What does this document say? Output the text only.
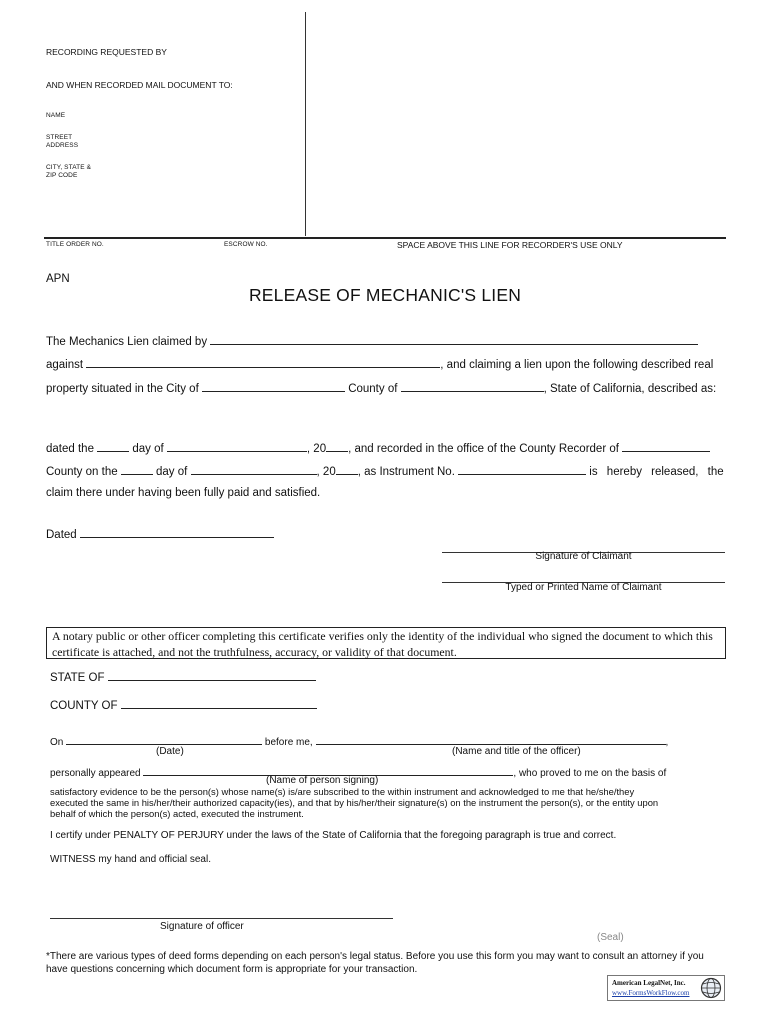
RECORDING REQUESTED BY
AND WHEN RECORDED MAIL DOCUMENT TO:
NAME
STREET
ADDRESS
CITY, STATE &
ZIP CODE
TITLE ORDER NO.	ESCROW NO.	SPACE ABOVE THIS LINE FOR RECORDER'S USE ONLY
APN
RELEASE OF MECHANIC'S LIEN
The Mechanics Lien claimed by
against	, and claiming a lien upon the following described real
property situated in the City of	County of	, State of California, described as:
dated the	day of	, 20 , and recorded in the office of the County Recorder of
County on the	day of	, 20 , as Instrument No.	is hereby released, the
claim there under having been fully paid and satisfied.
Dated
Signature of Claimant
Typed or Printed Name of Claimant
A notary public or other officer completing this certificate verifies only the identity of the individual who signed the document to which this certificate is attached, and not the truthfulness, accuracy, or validity of that document.
STATE OF
COUNTY OF
On	before me,	,
(Date)	(Name and title of the officer)
personally appeared	, who proved to me on the basis of
(Name of person signing)
satisfactory evidence to be the person(s) whose name(s) is/are subscribed to the within instrument and acknowledged to me that he/she/they
executed the same in his/her/their authorized capacity(ies), and that by his/her/their signature(s) on the instrument the person(s), or the entity upon
behalf of which the person(s) acted, executed the instrument.
I certify under PENALTY OF PERJURY under the laws of the State of California that the foregoing paragraph is true and correct.
WITNESS my hand and official seal.
Signature of officer
(Seal)
*There are various types of deed forms depending on each person's legal status. Before you use this form you may want to consult an attorney if you
have questions concerning which document form is appropriate for your transaction.
American LegalNet, Inc.
www.FormsWorkFlow.com
